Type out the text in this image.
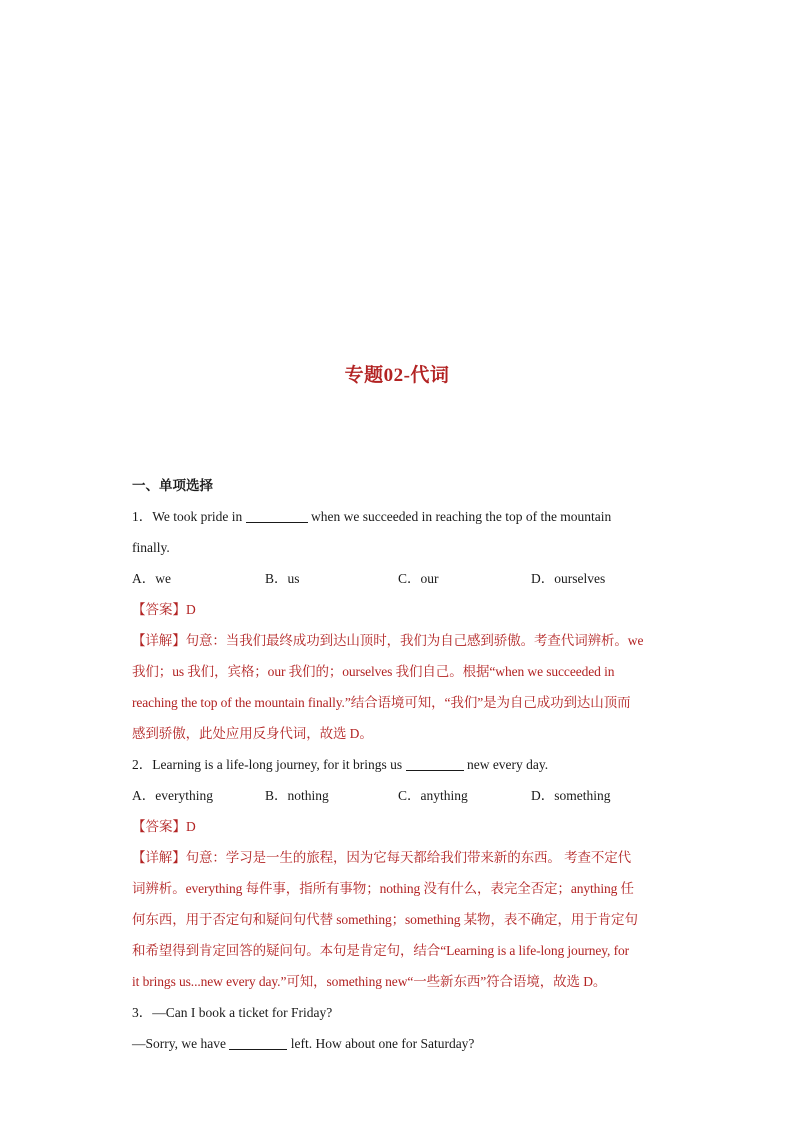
专题02-代词
一、单项选择
1．We took pride in	when we succeeded in reaching the top of the mountain
finally.
A．we	B．us	C．our	D．ourselves
【答案】D
【详解】句意：当我们最终成功到达山顶时，我们为自己感到骄傲。考查代词辨析。we
我们；us 我们，宾格；our 我们的；ourselves 我们自己。根据“when we succeeded in
reaching the top of the mountain finally.”结合语境可知，“我们”是为自己成功到达山顶而
感到骄傲，此处应用反身代词，故选 D。
2．Learning is a life-long journey, for it brings us	new every day.
A．everything	B．nothing	C．anything	D．something
【答案】D
【详解】句意：学习是一生的旅程，因为它每天都给我们带来新的东西。 考查不定代
词辨析。everything 每件事，指所有事物；nothing 没有什么，表完全否定；anything 任
何东西，用于否定句和疑问句代替 something；something 某物，表不确定，用于肯定句
和希望得到肯定回答的疑问句。本句是肯定句，结合“Learning is a life-long journey, for
it brings us...new every day.”可知，something new“一些新东西”符合语境，故选 D。
3．—Can I book a ticket for Friday?
—Sorry, we have	left. How about one for Saturday?
